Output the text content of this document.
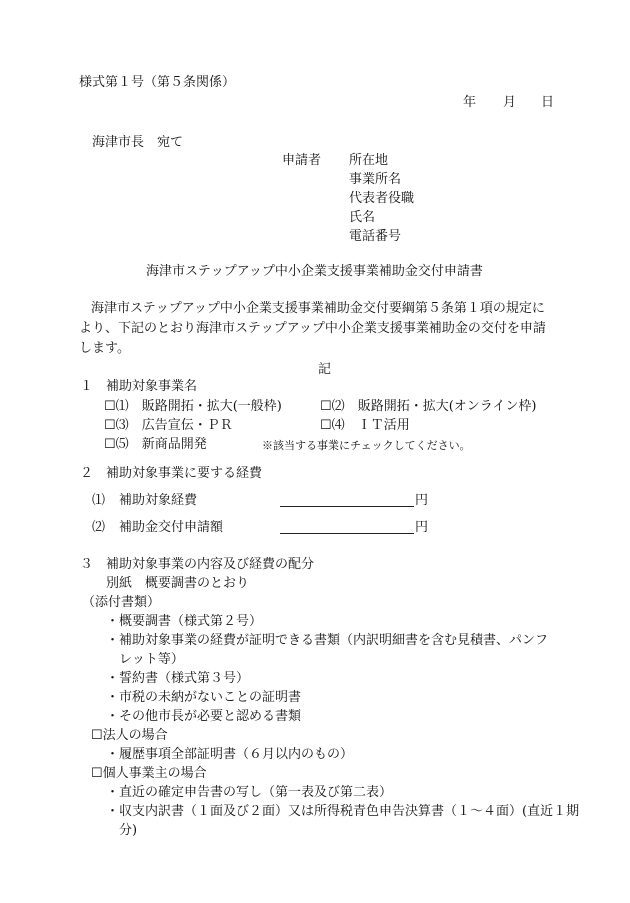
様式第１号（第５条関係）
年 月 日
海津市長　宛て
申請者 所在地
事業所名
代表者役職
氏名
電話番号
海津市ステップアップ中小企業支援事業補助金交付申請書
海津市ステップアップ中小企業支援事業補助金交付要綱第５条第１項の規定に
より、下記のとおり海津市ステップアップ中小企業支援事業補助金の交付を申請
します。
記
１ 補助対象事業名
☐⑴　 販路開拓・拡大(一般枠)	☐⑵　 販路開拓・拡大(オンライン枠)
☐⑶　 広告宣伝・ＰＲ	☐⑷　 ＩＴ活用
☐⑸　 新商品開発	※該当する事業にチェックしてください。
２ 補助対象事業に要する経費
⑴ 補助対象経費	円
⑵ 補助金交付申請額	円
３ 補助対象事業の内容及び経費の配分
別紙　概要調書のとおり
（添付書類）
・概要調書（様式第２号）
・補助対象事業の経費が証明できる書類（内訳明細書を含む見積書、パンフ
レット等）
・誓約書（様式第３号）
・市税の未納がないことの証明書
・その他市長が必要と認める書類
☐法人の場合
・履歴事項全部証明書（６月以内のもの）
☐個人事業主の場合
・直近の確定申告書の写し（第一表及び第二表）
・収支内訳書（１面及び２面）又は所得税青色申告決算書（１～４面）(直近１期
分)
